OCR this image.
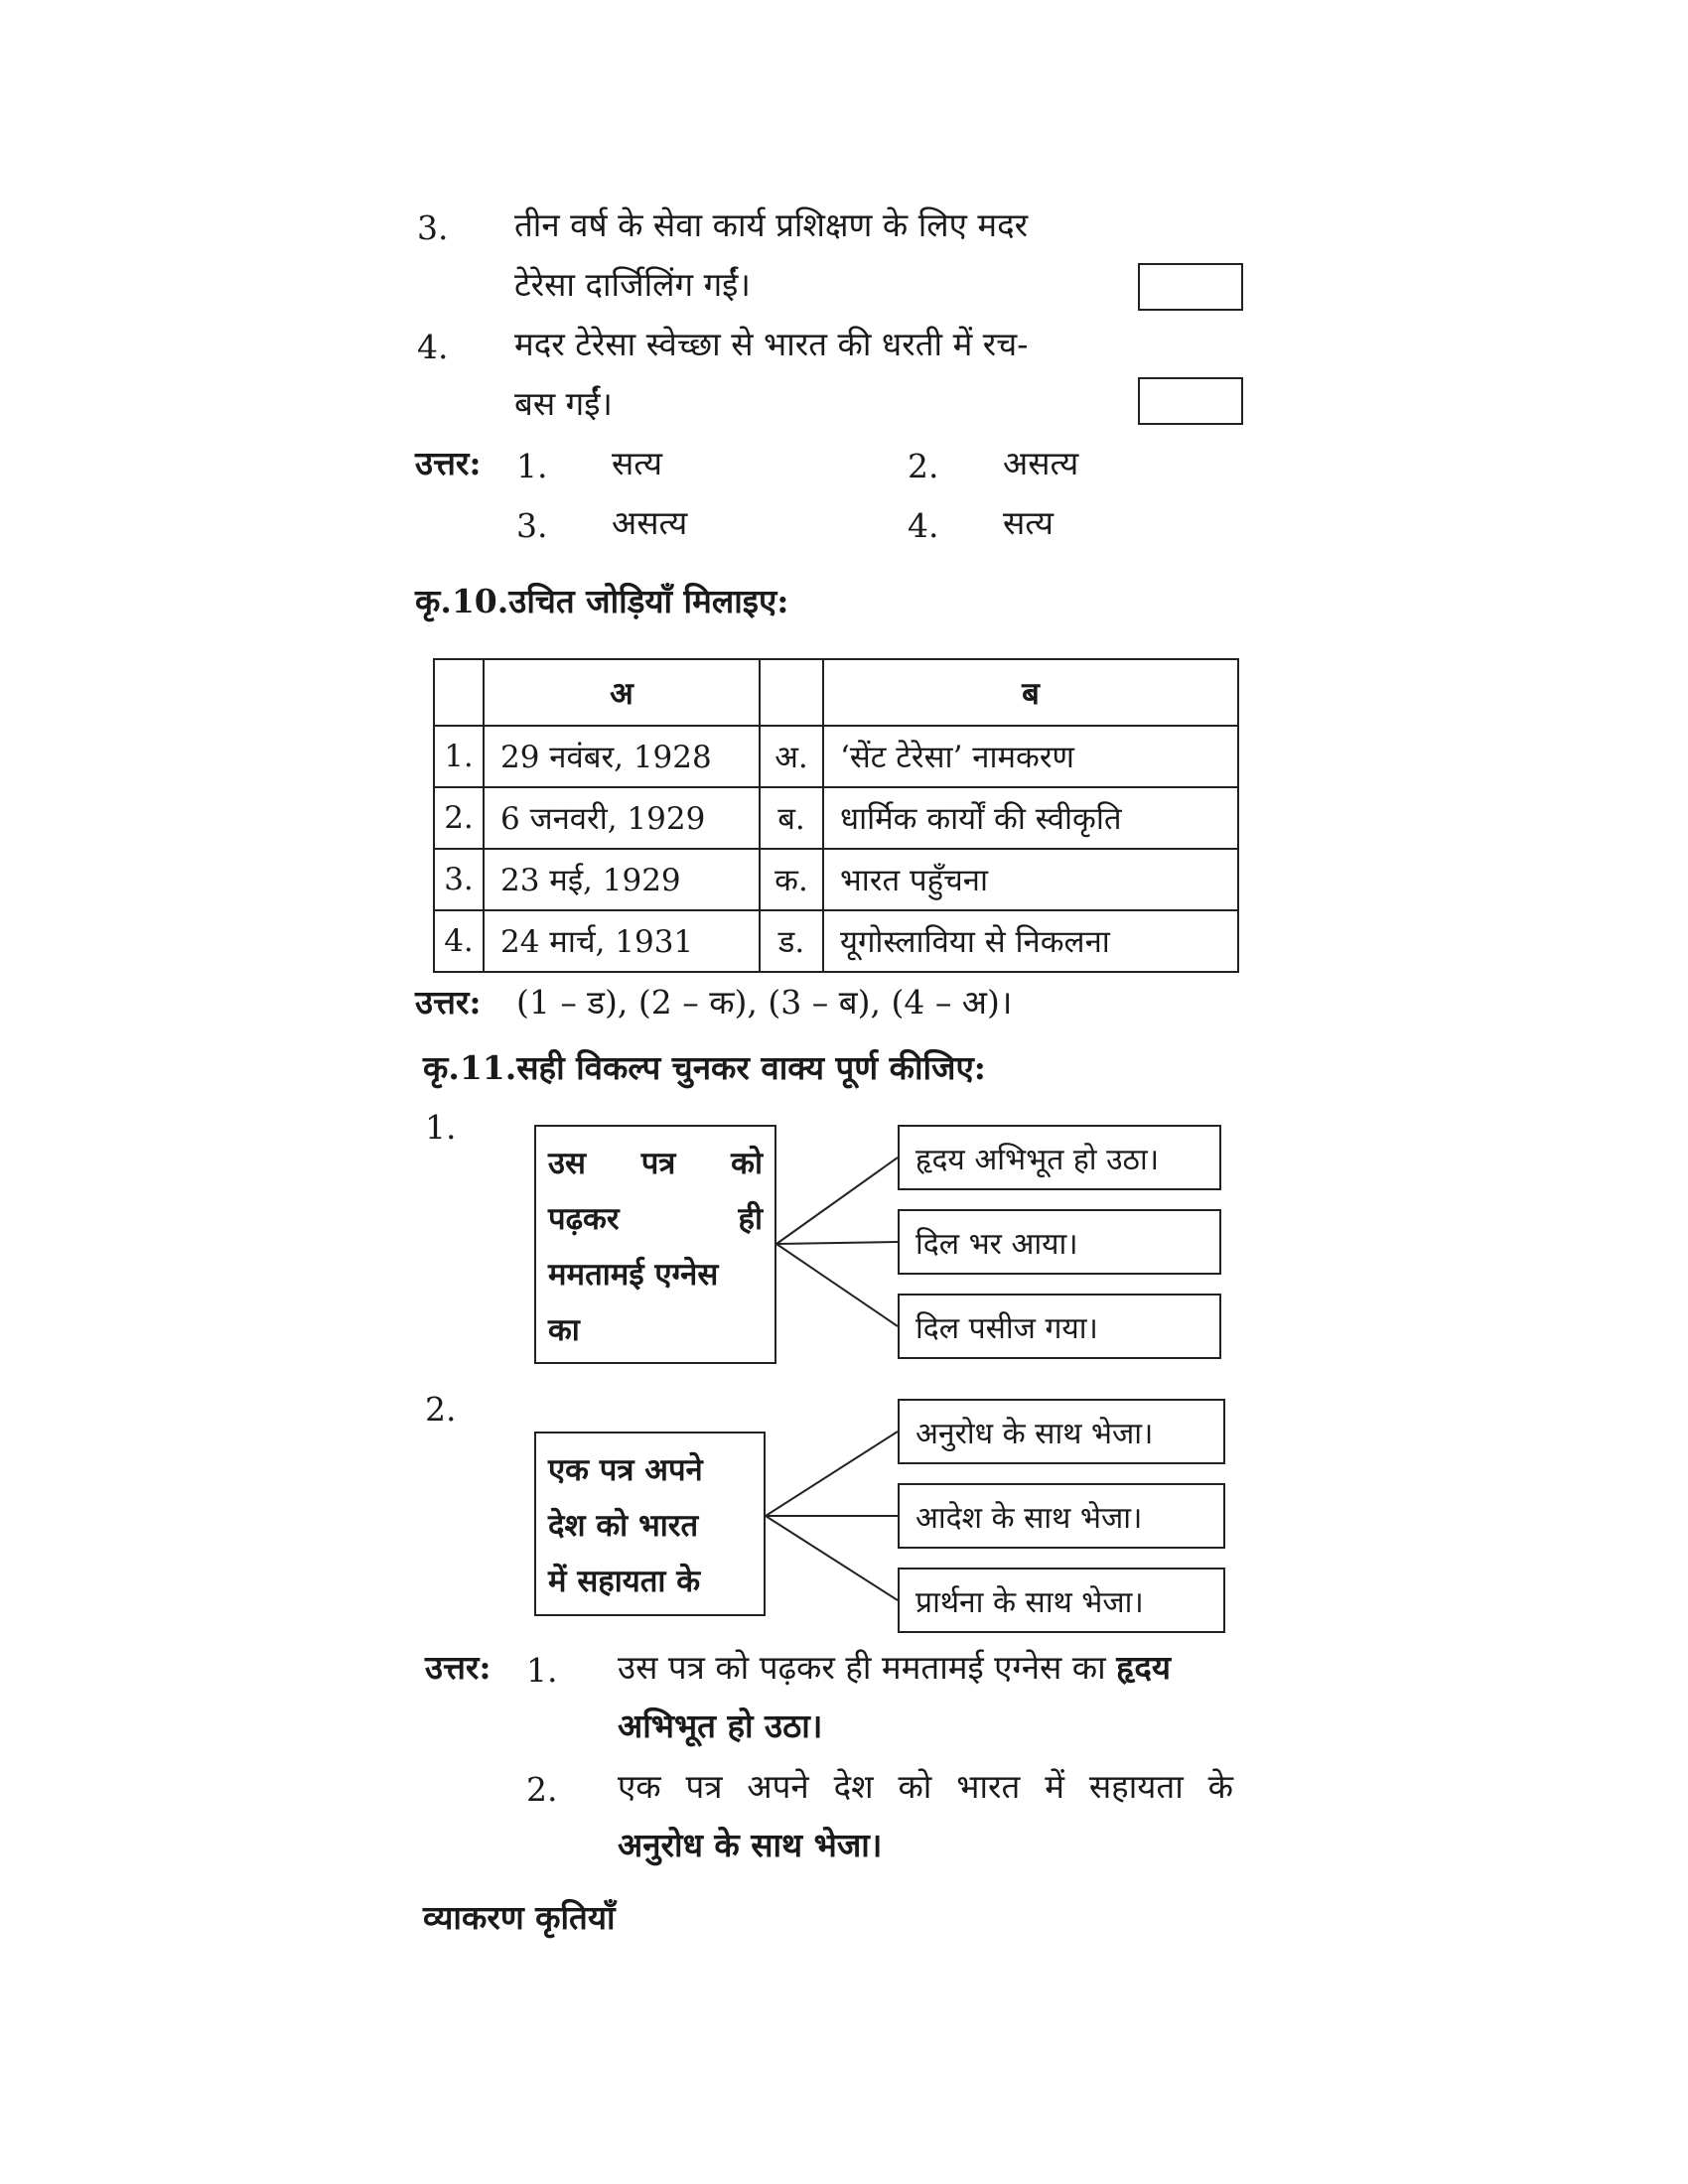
3. तीन वर्ष के सेवा कार्य प्रशिक्षण के लिए मदर
टेरेसा दार्जिलिंग गईं।
4. मदर टेरेसा स्वेच्छा से भारत की धरती में रच-
बस गईं।
उत्तर: 1. सत्य	2. असत्य
3. असत्य	4. सत्य
कृ.10.उचित जोड़ियाँ मिलाइए:
	अ		ब
1.	29 नवंबर, 1928	अ.	‘सेंट टेरेसा’ नामकरण
2.	6 जनवरी, 1929	ब.	धार्मिक कार्यों की स्वीकृति
3.	23 मई, 1929	क.	भारत पहुँचना
4.	24 मार्च, 1931	ड.	यूगोस्लाविया से निकलना
उत्तर: (1 – ड), (2 – क), (3 – ब), (4 – अ)।
कृ.11.सही विकल्प चुनकर वाक्य पूर्ण कीजिए:
1.
उस पत्र को
पढ़कर	ही
ममतामई एग्नेस
का
हृदय अभिभूत हो उठा।
दिल भर आया।
दिल पसीज गया।
2.
एक पत्र अपने
देश को भारत
में सहायता के
अनुरोध के साथ भेजा।
आदेश के साथ भेजा।
प्रार्थना के साथ भेजा।
उत्तर: 1. उस पत्र को पढ़कर ही ममतामई एग्नेस का हृदय
अभिभूत हो उठा।
2. एक पत्र अपने देश को भारत में सहायता के
अनुरोध के साथ भेजा।
व्याकरण कृतियाँ
